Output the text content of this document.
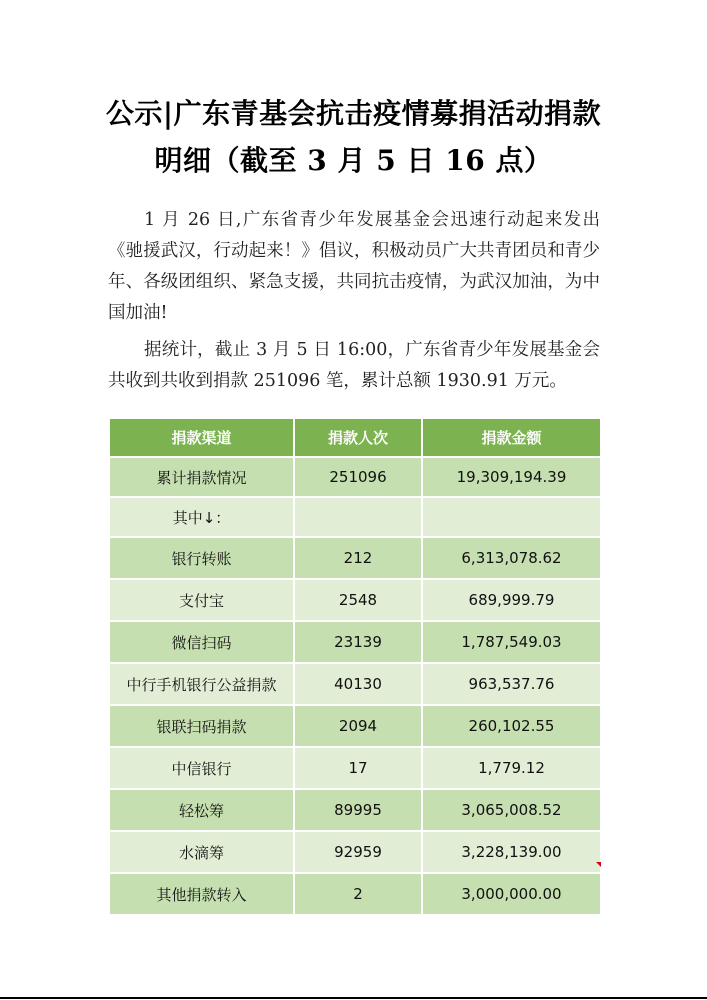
公示|广东青基会抗击疫情募捐活动捐款
明细（截至 3 月 5 日 16 点）
1 月 26 日,广东省青少年发展基金会迅速行动起来发出《驰援武汉，行动起来！》倡议，积极动员广大共青团员和青少年、各级团组织、紧急支援，共同抗击疫情，为武汉加油，为中国加油!
据统计，截止 3 月 5 日 16:00，广东省青少年发展基金会共收到共收到捐款 251096 笔，累计总额 1930.91 万元。
捐款渠道	捐款人次	捐款金额
累计捐款情况	251096	19,309,194.39
其中↓：		
银行转账	212	6,313,078.62
支付宝	2548	689,999.79
微信扫码	23139	1,787,549.03
中行手机银行公益捐款	40130	963,537.76
银联扫码捐款	2094	260,102.55
中信银行	17	1,779.12
轻松筹	89995	3,065,008.52
水滴筹	92959	3,228,139.00
其他捐款转入	2	3,000,000.00
